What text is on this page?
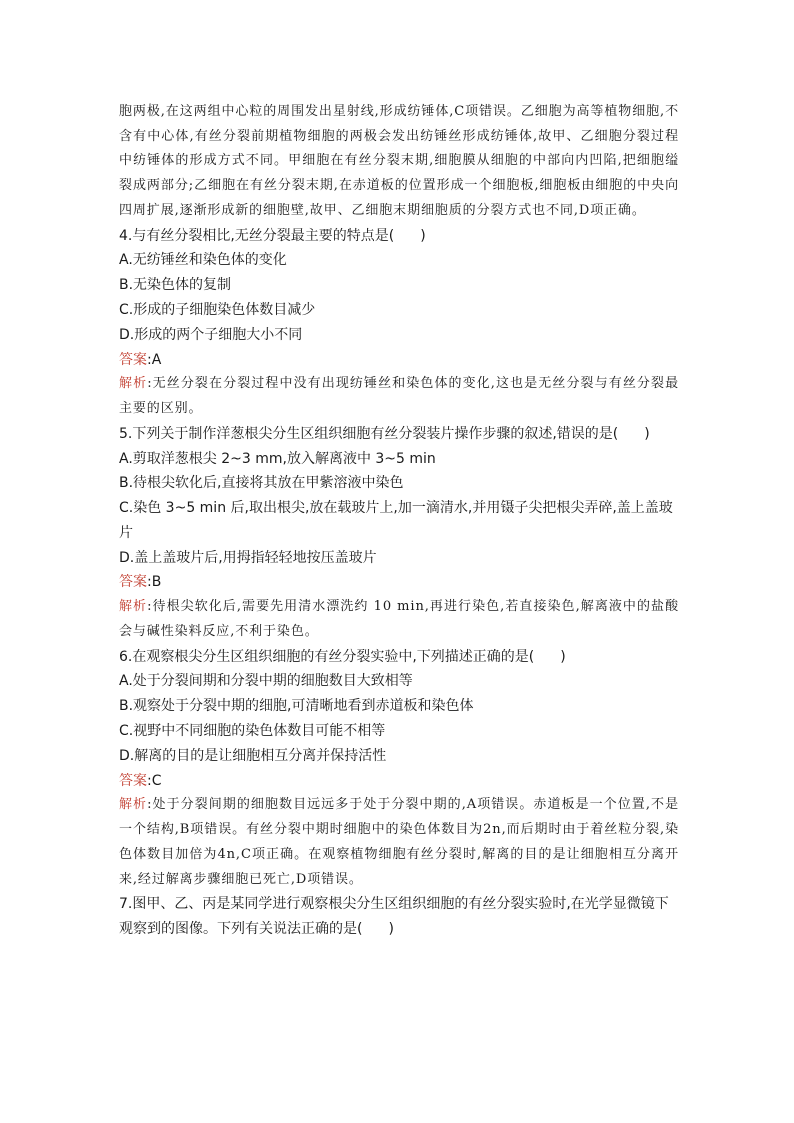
胞两极,在这两组中心粒的周围发出星射线,形成纺锤体,C项错误。乙细胞为高等植物细胞,不含有中心体,有丝分裂前期植物细胞的两极会发出纺锤丝形成纺锤体,故甲、乙细胞分裂过程中纺锤体的形成方式不同。甲细胞在有丝分裂末期,细胞膜从细胞的中部向内凹陷,把细胞缢裂成两部分;乙细胞在有丝分裂末期,在赤道板的位置形成一个细胞板,细胞板由细胞的中央向四周扩展,逐渐形成新的细胞壁,故甲、乙细胞末期细胞质的分裂方式也不同,D项正确。

4.与有丝分裂相比,无丝分裂最主要的特点是( )

A.无纺锤丝和染色体的变化

B.无染色体的复制

C.形成的子细胞染色体数目减少

D.形成的两个子细胞大小不同

答案:A

解析:无丝分裂在分裂过程中没有出现纺锤丝和染色体的变化,这也是无丝分裂与有丝分裂最主要的区别。

5.下列关于制作洋葱根尖分生区组织细胞有丝分裂装片操作步骤的叙述,错误的是( )

A.剪取洋葱根尖 2~3 mm,放入解离液中 3~5 min

B.待根尖软化后,直接将其放在甲紫溶液中染色

C.染色 3~5 min 后,取出根尖,放在载玻片上,加一滴清水,并用镊子尖把根尖弄碎,盖上盖玻片

D.盖上盖玻片后,用拇指轻轻地按压盖玻片

答案:B

解析:待根尖软化后,需要先用清水漂洗约 10 min,再进行染色,若直接染色,解离液中的盐酸会与碱性染料反应,不利于染色。

6.在观察根尖分生区组织细胞的有丝分裂实验中,下列描述正确的是( )

A.处于分裂间期和分裂中期的细胞数目大致相等

B.观察处于分裂中期的细胞,可清晰地看到赤道板和染色体

C.视野中不同细胞的染色体数目可能不相等

D.解离的目的是让细胞相互分离并保持活性

答案:C

解析:处于分裂间期的细胞数目远远多于处于分裂中期的,A项错误。赤道板是一个位置,不是一个结构,B项错误。有丝分裂中期时细胞中的染色体数目为2n,而后期时由于着丝粒分裂,染色体数目加倍为4n,C项正确。在观察植物细胞有丝分裂时,解离的目的是让细胞相互分离开来,经过解离步骤细胞已死亡,D项错误。

7.图甲、乙、丙是某同学进行观察根尖分生区组织细胞的有丝分裂实验时,在光学显微镜下观察到的图像。下列有关说法正确的是( )
